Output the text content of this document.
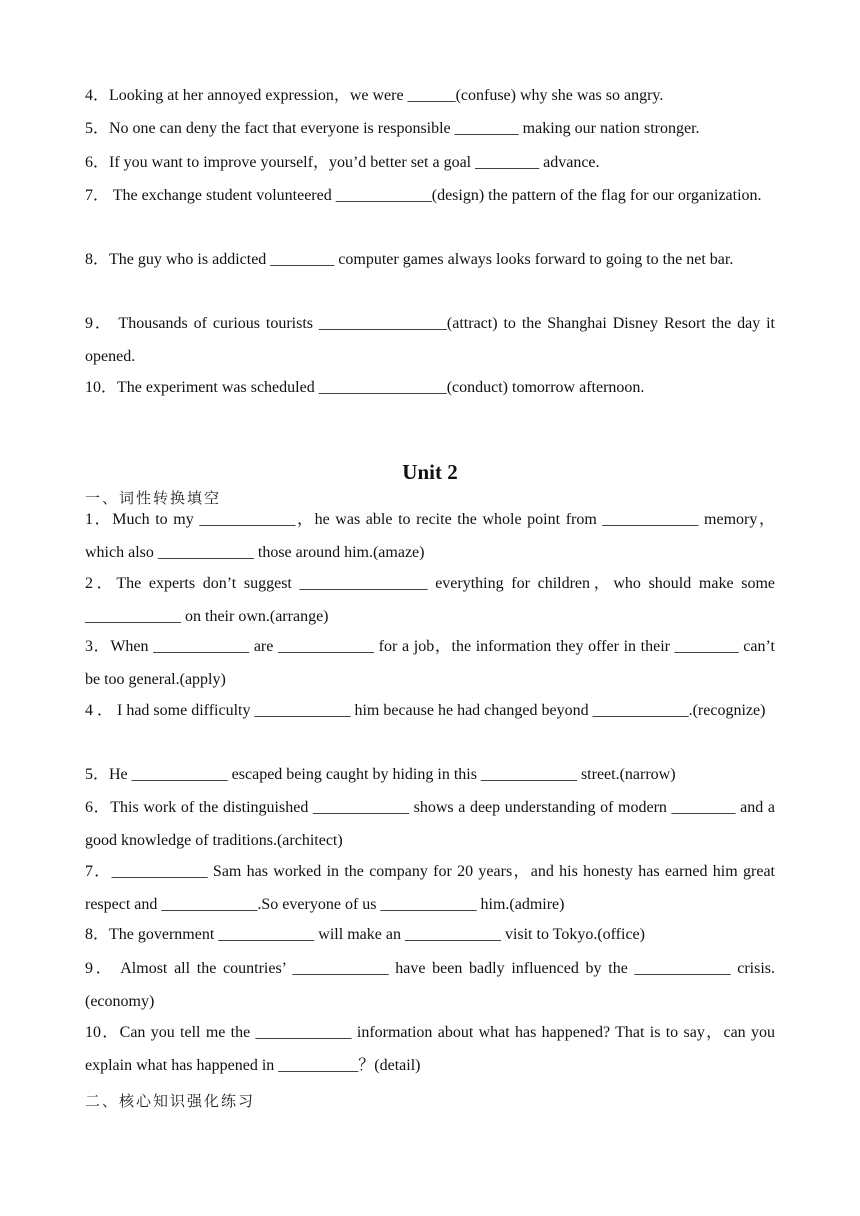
4．Looking at her annoyed expression，we were ______(confuse) why she was so angry.

5．No one can deny the fact that everyone is responsible ________ making our nation stronger.

6．If you want to improve yourself，you’d better set a goal ________ advance.

7． The exchange student volunteered ____________(design) the pattern of the flag for our organization.

8．The guy who is addicted ________ computer games always looks forward to going to the net bar.

9． Thousands of curious tourists ________________(attract) to the Shanghai Disney Resort the day it opened.

10．The experiment was scheduled ________________(conduct) tomorrow afternoon.

Unit 2
一、词性转换填空

1．Much to my ____________，he was able to recite the whole point from ____________ memory，which also ____________ those around him.(amaze)

2．The experts don’t suggest ________________ everything for children，who should make some ____________ on their own.(arrange)

3．When ____________ are ____________ for a job，the information they offer in their ________ can’t be too general.(apply)

4 ． I had some difficulty ____________ him because he had changed beyond ____________.(recognize)

5．He ____________ escaped being caught by hiding in this ____________ street.(narrow)

6．This work of the distinguished ____________ shows a deep understanding of modern ________ and a good knowledge of traditions.(architect)

7．____________ Sam has worked in the company for 20 years，and his honesty has earned him great respect and ____________.So everyone of us ____________ him.(admire)

8．The government ____________ will make an ____________ visit to Tokyo.(office)

9． Almost all the countries’ ____________ have been badly influenced by the ____________ crisis.(economy)

10．Can you tell me the ____________ information about what has happened? That is to say，can you explain what has happened in __________？(detail)

二、核心知识强化练习
